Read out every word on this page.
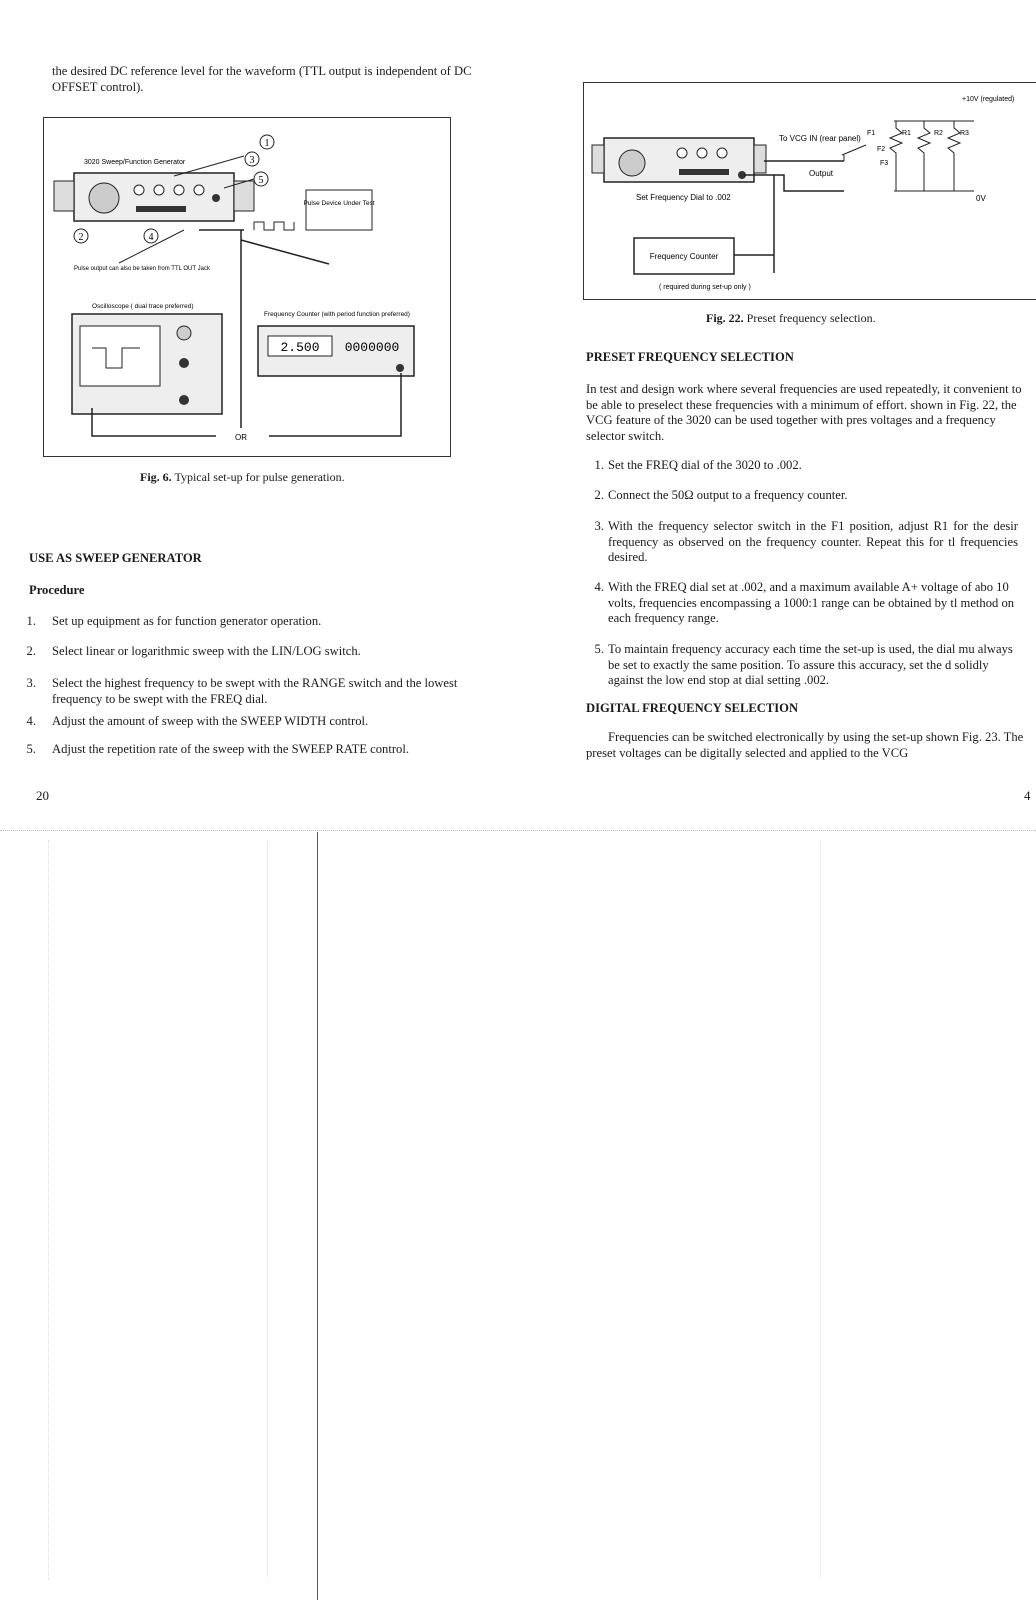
the desired DC reference level for the waveform (TTL output is independent of DC OFFSET control).

1
3
5
2	4
3020 Sweep/Function Generator
Pulse Device Under Test
Pulse output can also be taken from TTL OUT Jack
Oscilloscope ( dual trace preferred)
Frequency Counter (with period function preferred)
2.500 0000000
OR
Fig. 6. Typical set-up for pulse generation.

USE AS SWEEP GENERATOR

Procedure

1. Set up equipment as for function generator operation.
2. Select linear or logarithmic sweep with the LIN/LOG switch.
3. Select the highest frequency to be swept with the RANGE switch and the lowest frequency to be swept with the FREQ dial.
4. Adjust the amount of sweep with the SWEEP WIDTH control.
5. Adjust the repetition rate of the sweep with the SWEEP RATE control.
20
Set Frequency Dial to .002
Output
To VCG IN (rear panel)
Frequency Counter
( required during set-up only )
F1	R1	R2 R3
F2
F3
+10V (regulated)
0V
Fig. 22. Preset frequency selection.

PRESET FREQUENCY SELECTION

In test and design work where several frequencies are used repeatedly, it convenient to be able to preselect these frequencies with a minimum of effort. shown in Fig. 22, the VCG feature of the 3020 can be used together with pres voltages and a frequency selector switch.
1. Set the FREQ dial of the 3020 to .002.
2. Connect the 50Ω output to a frequency counter.
3. With the frequency selector switch in the F1 position, adjust R1 for the desir frequency as observed on the frequency counter. Repeat this for tl frequencies desired.
4. With the FREQ dial set at .002, and a maximum available A+ voltage of abo 10 volts, frequencies encompassing a 1000:1 range can be obtained by tl method on each frequency range.
5. To maintain frequency accuracy each time the set-up is used, the dial mu always be set to exactly the same position. To assure this accuracy, set the d solidly against the low end stop at dial setting .002.

DIGITAL FREQUENCY SELECTION

Frequencies can be switched electronically by using the set-up shown Fig. 23. The preset voltages can be digitally selected and applied to the VCG
4
